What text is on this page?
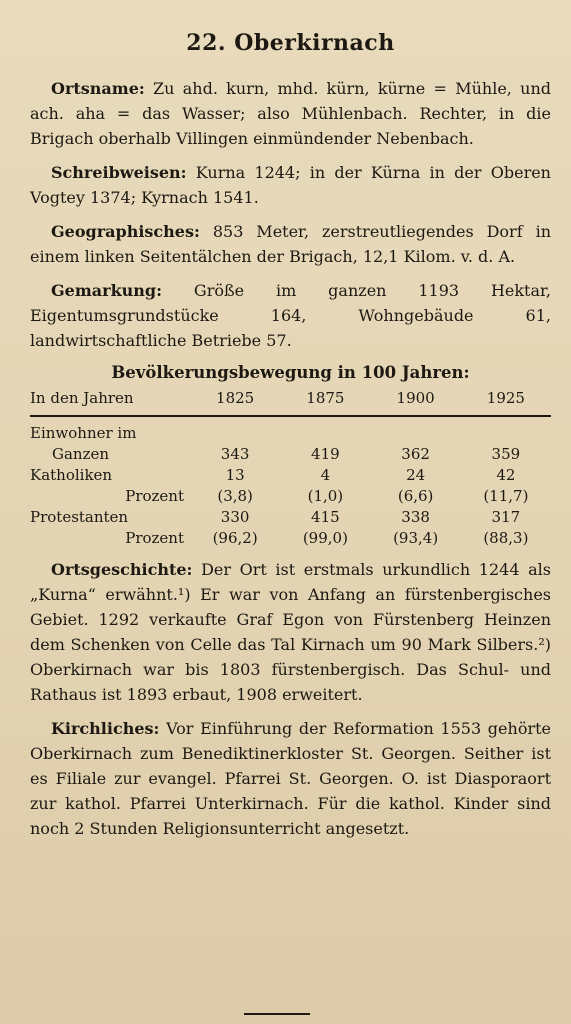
22. Oberkirnach

Ortsname: Zu ahd. kurn, mhd. kürn, kürne = Mühle, und ach. aha = das Wasser; also Mühlenbach. Rechter, in die Brigach oberhalb Villingen einmündender Nebenbach.

Schreibweisen: Kurna 1244; in der Kürna in der Oberen Vogtey 1374; Kyrnach 1541.

Geographisches: 853 Meter, zerstreutliegendes Dorf in einem linken Seitentälchen der Brigach, 12,1 Kilom. v. d. A.

Gemarkung: Größe im ganzen 1193 Hektar, Eigentumsgrundstücke 164, Wohngebäude 61, landwirtschaftliche Betriebe 57.

Bevölkerungsbewegung in 100 Jahren:
In den Jahren	1825	1875	1900	1925
Einwohner im				
Ganzen	343	419	362	359
Katholiken	13	4	24	42
Prozent	(3,8)	(1,0)	(6,6)	(11,7)
Protestanten	330	415	338	317
Prozent	(96,2)	(99,0)	(93,4)	(88,3)

Ortsgeschichte: Der Ort ist erstmals urkundlich 1244 als „Kurna“ erwähnt.¹) Er war von Anfang an fürstenbergisches Gebiet. 1292 verkaufte Graf Egon von Fürstenberg Heinzen dem Schenken von Celle das Tal Kirnach um 90 Mark Silbers.²) Oberkirnach war bis 1803 fürstenbergisch. Das Schul- und Rathaus ist 1893 erbaut, 1908 erweitert.

Kirchliches: Vor Einführung der Reformation 1553 gehörte Oberkirnach zum Benediktinerkloster St. Georgen. Seither ist es Filiale zur evangel. Pfarrei St. Georgen. O. ist Diasporaort zur kathol. Pfarrei Unterkirnach. Für die kathol. Kinder sind noch 2 Stunden Religionsunterricht angesetzt.
